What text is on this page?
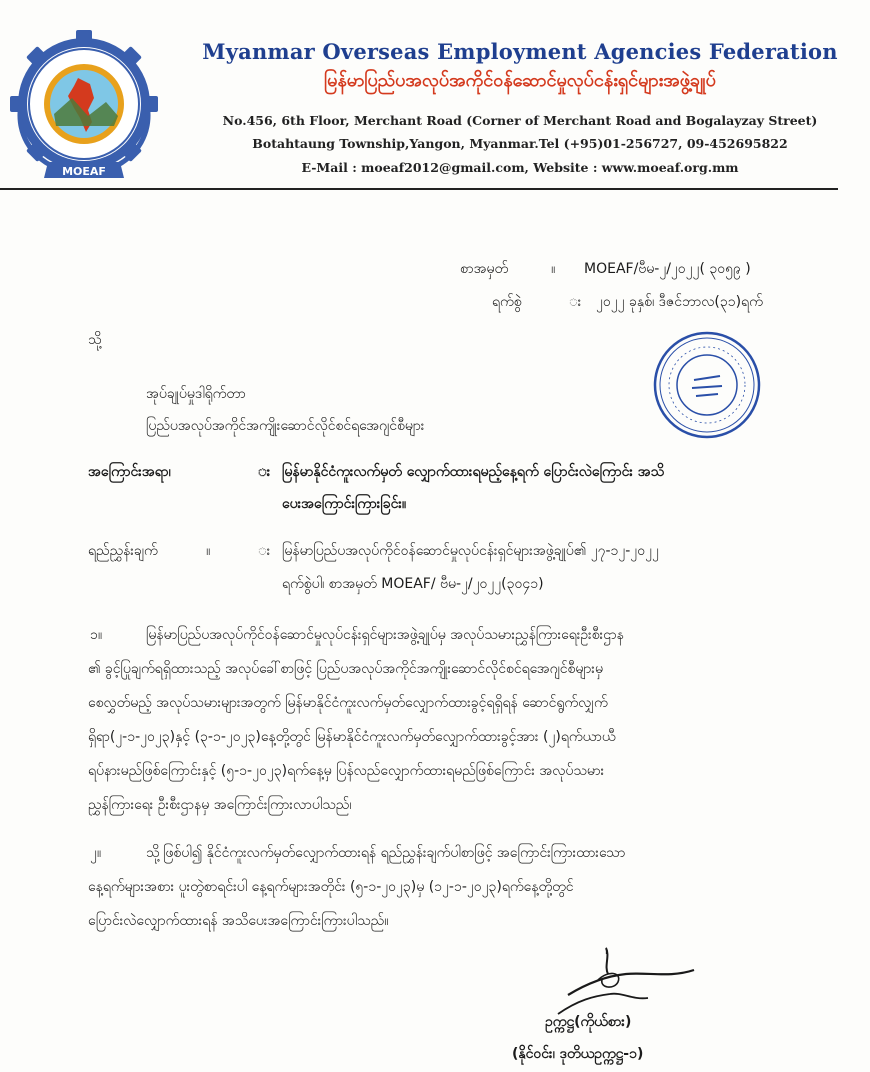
MOEAF
Myanmar Overseas Employment Agencies Federation
မြန်မာပြည်ပအလုပ်အကိုင်ဝန်ဆောင်မှုလုပ်ငန်းရှင်များအဖွဲ့ချုပ်
No.456, 6th Floor, Merchant Road (Corner of Merchant Road and Bogalayzay Street)
Botahtaung Township,Yangon, Myanmar.Tel (+95)01-256727, 09-452695822
E-Mail : moeaf2012@gmail.com, Website : www.moeaf.org.mm
စာအမှတ်	။ MOEAF/ဗီမ-၂/၂၀၂၂( ၃၀၅၉ )
ရက်စွဲ	း ၂၀၂၂ ခုနှစ်၊ ဒီဇင်ဘာလ(၃၁)ရက်
သို့
အုပ်ချုပ်မှုဒါရိုက်တာ
ပြည်ပအလုပ်အကိုင်အကျိုးဆောင်လိုင်စင်ရအေဂျင်စီများ
အကြောင်းအရာ၊	း မြန်မာနိုင်ငံကူးလက်မှတ် လျှောက်ထားရမည့်နေ့ရက် ပြောင်းလဲကြောင်း အသိ
ပေးအကြောင်းကြားခြင်း။
ရည်ညွှန်းချက်	။	း မြန်မာပြည်ပအလုပ်ကိုင်ဝန်ဆောင်မှုလုပ်ငန်းရှင်များအဖွဲ့ချုပ်၏ ၂၇-၁၂-၂၀၂၂
ရက်စွဲပါ၊ စာအမှတ် MOEAF/ ဗီမ-၂/၂၀၂၂(၃၀၄၁)
၁။	မြန်မာပြည်ပအလုပ်ကိုင်ဝန်ဆောင်မှုလုပ်ငန်းရှင်များအဖွဲ့ချုပ်မှ အလုပ်သမားညွှန်ကြားရေးဦးစီးဌာန
၏ ခွင့်ပြုချက်ရရှိထားသည့် အလုပ်ခေါ်စာဖြင့် ပြည်ပအလုပ်အကိုင်အကျိုးဆောင်လိုင်စင်ရအေဂျင်စီများမှ
စေလွှတ်မည့် အလုပ်သမားများအတွက် မြန်မာနိုင်ငံကူးလက်မှတ်လျှောက်ထားခွင့်ရရှိရန် ဆောင်ရွက်လျှက်
ရှိရာ(၂-၁-၂၀၂၃)နှင့် (၃-၁-၂၀၂၃)နေ့တို့တွင် မြန်မာနိုင်ငံကူးလက်မှတ်လျှောက်ထားခွင့်အား (၂)ရက်ယာယီ
ရပ်နားမည်ဖြစ်ကြောင်းနှင့် (၅-၁-၂၀၂၃)ရက်နေ့မှ ပြန်လည်လျှောက်ထားရမည်ဖြစ်ကြောင်း အလုပ်သမား
ညွှန်ကြားရေး ဦးစီးဌာနမှ အကြောင်းကြားလာပါသည်၊
၂။	သို့ဖြစ်ပါ၍ နိုင်ငံကူးလက်မှတ်လျှောက်ထားရန် ရည်ညွှန်းချက်ပါစာဖြင့် အကြောင်းကြားထားသော
နေ့ရက်များအစား ပူးတွဲစာရင်းပါ နေ့ရက်များအတိုင်း (၅-၁-၂၀၂၃)မှ (၁၂-၁-၂၀၂၃)ရက်နေ့တို့တွင်
ပြောင်းလဲလျှောက်ထားရန် အသိပေးအကြောင်းကြားပါသည်။
၊
ဥက္ကဋ္ဌ(ကိုယ်စား)
(နိုင်ဝင်း၊ ဒုတိယဥက္ကဋ္ဌ-၁)
